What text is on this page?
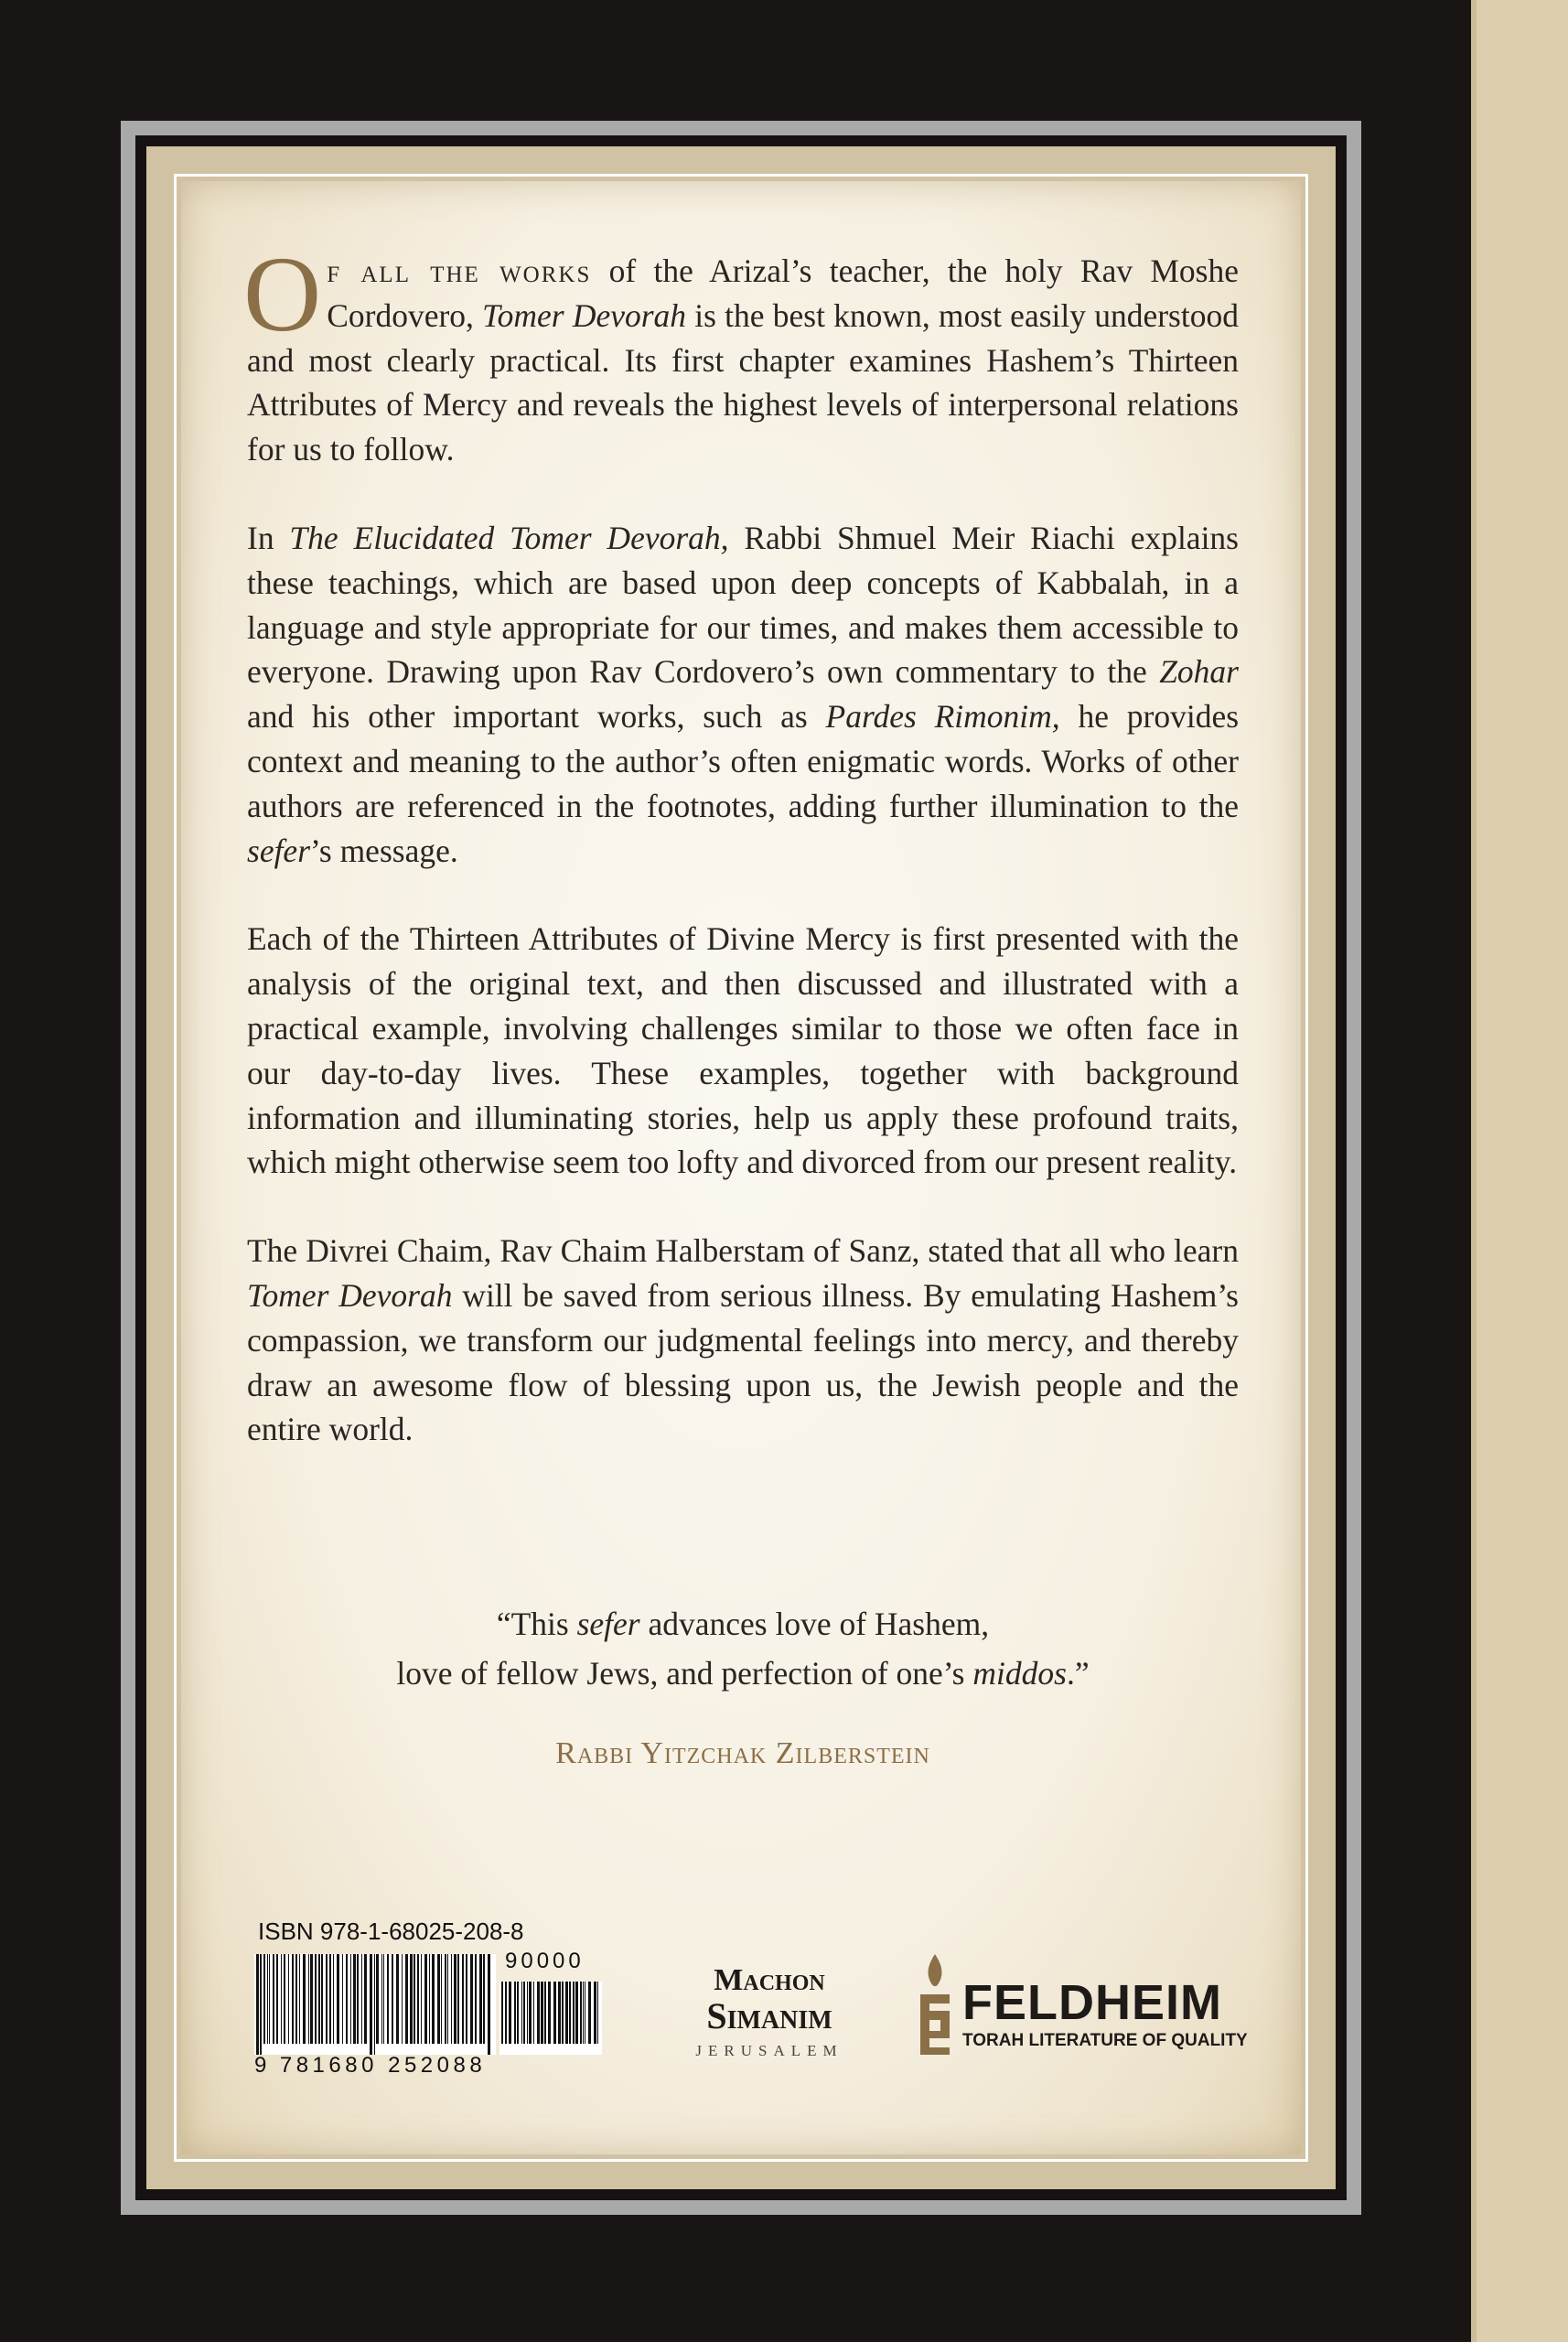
Of all the works of the Arizal’s teacher, the holy Rav Moshe Cordovero, Tomer Devorah is the best known, most easily understood and most clearly practical. Its first chapter examines Hashem’s Thirteen Attributes of Mercy and reveals the highest levels of interpersonal relations for us to follow.

In The Elucidated Tomer Devorah, Rabbi Shmuel Meir Riachi explains these teachings, which are based upon deep concepts of Kabbalah, in a language and style appropriate for our times, and makes them accessible to everyone. Drawing upon Rav Cordovero’s own commentary to the Zohar and his other important works, such as Pardes Rimonim, he provides context and meaning to the author’s often enigmatic words. Works of other authors are referenced in the footnotes, adding further illumination to the sefer’s message.

Each of the Thirteen Attributes of Divine Mercy is first presented with the analysis of the original text, and then discussed and illustrated with a practical example, involving challenges similar to those we often face in our day-to-day lives. These examples, together with background information and illuminating stories, help us apply these profound traits, which might otherwise seem too lofty and divorced from our present reality.

The Divrei Chaim, Rav Chaim Halberstam of Sanz, stated that all who learn Tomer Devorah will be saved from serious illness. By emulating Hashem’s compassion, we transform our judgmental feelings into mercy, and thereby draw an awesome flow of blessing upon us, the Jewish people and the entire world.

“This sefer advances love of Hashem,
love of fellow Jews, and perfection of one’s middos.”
Rabbi Yitzchak Zilberstein
ISBN 978-1-68025-208-8
90000
9 781680 252088
Machon
Simanim
JERUSALEM
FELDHEIM
TORAH LITERATURE OF QUALITY
